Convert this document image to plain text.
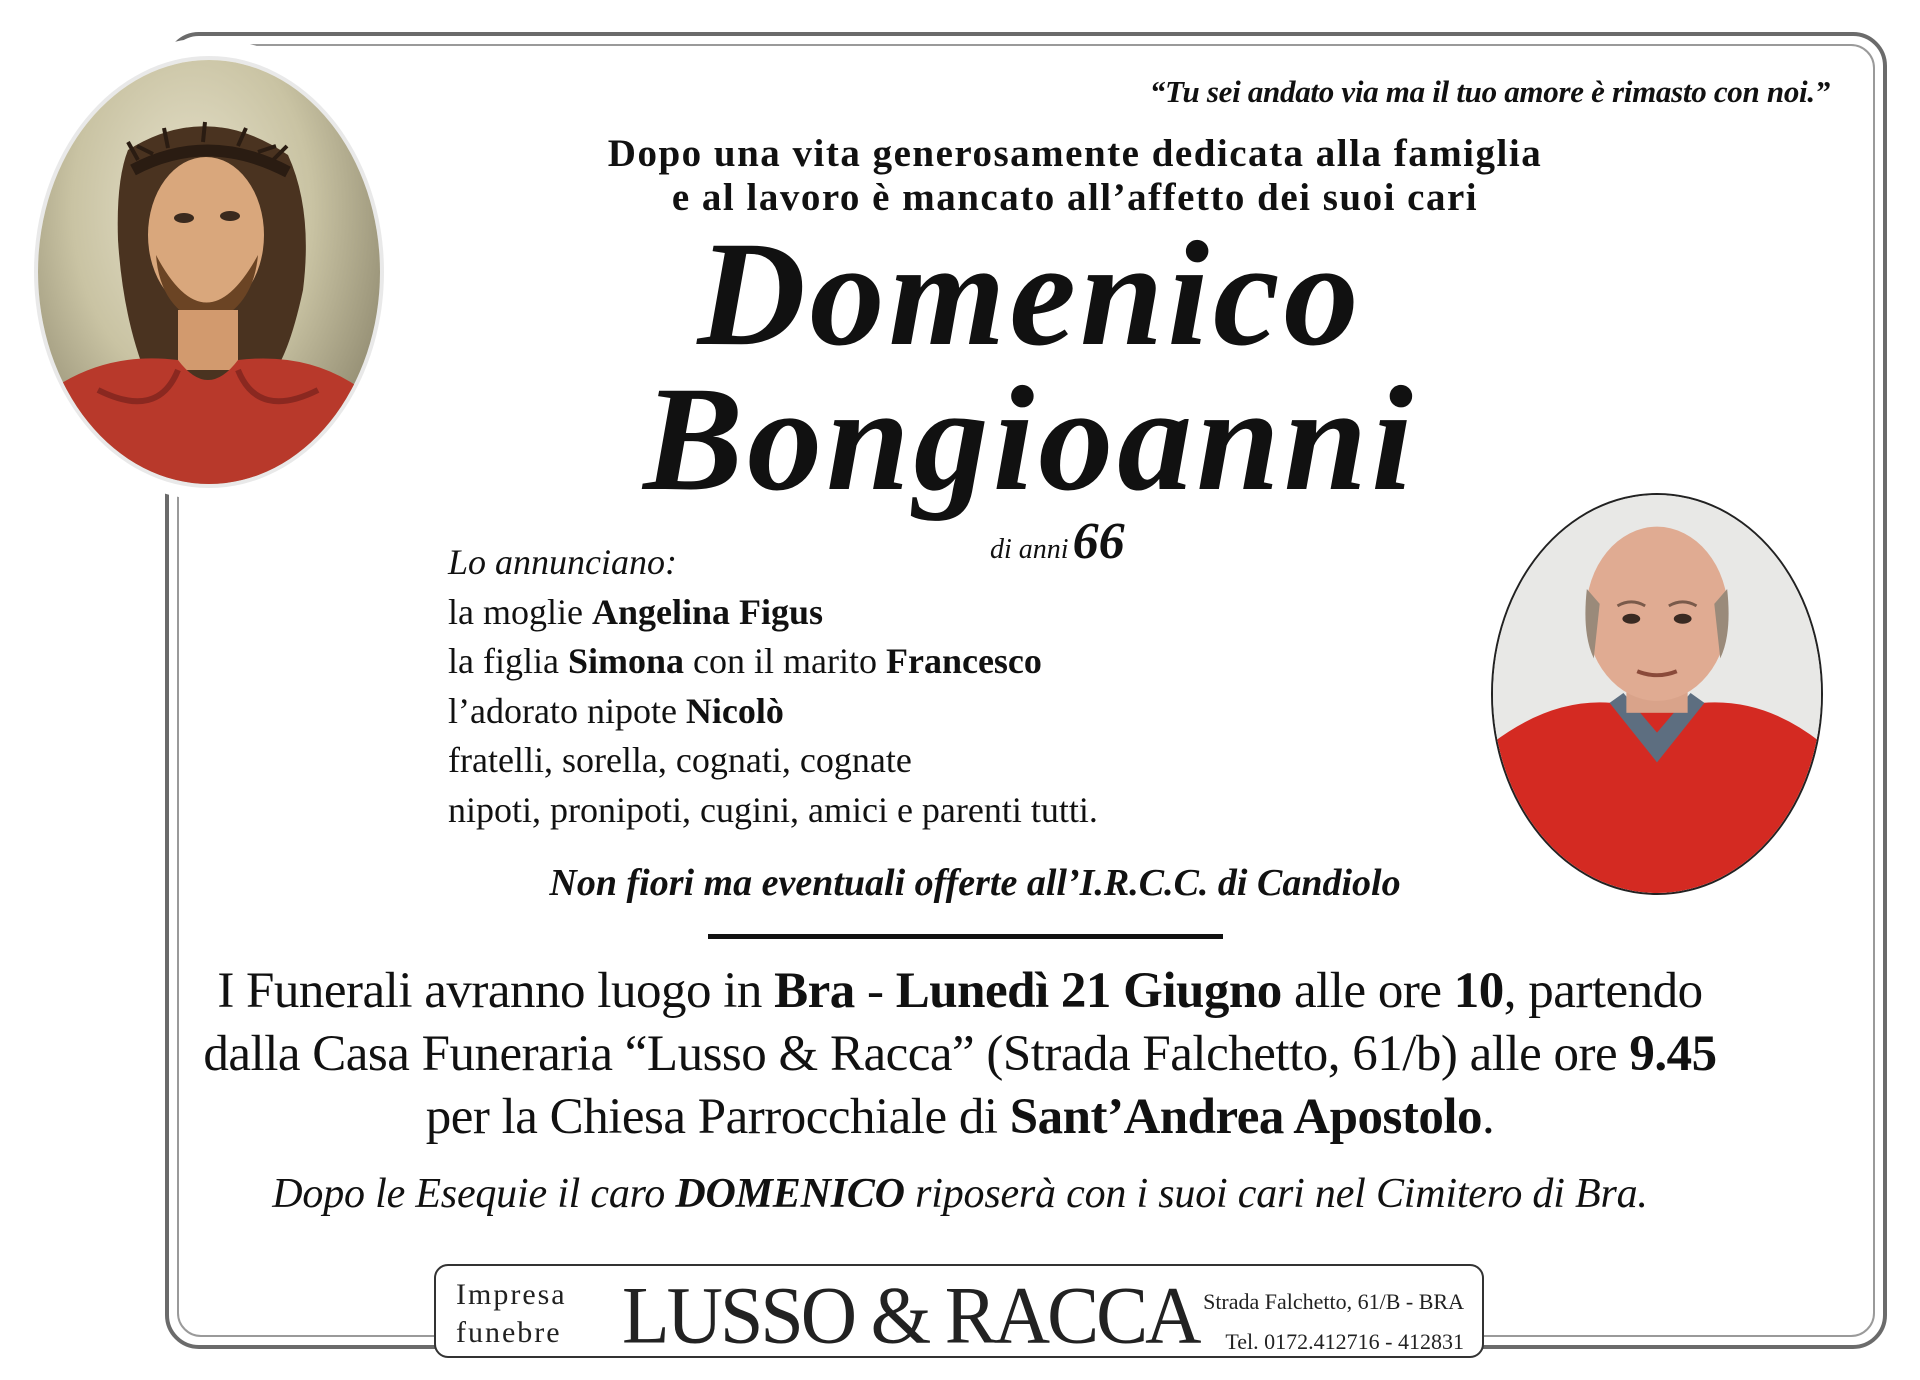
“Tu sei andato via ma il tuo amore è rimasto con noi.”
Dopo una vita generosamente dedicata alla famiglia
e al lavoro è mancato all’affetto dei suoi cari
Domenico
Bongioanni
di anni 66
Lo annunciano:
la moglie Angelina Figus
la figlia Simona con il marito Francesco
l’adorato nipote Nicolò
fratelli, sorella, cognati, cognate
nipoti, pronipoti, cugini, amici e parenti tutti.
Non fiori ma eventuali offerte all’I.R.C.C. di Candiolo
I Funerali avranno luogo in Bra - Lunedì 21 Giugno alle ore 10, partendo
dalla Casa Funeraria “Lusso & Racca” (Strada Falchetto, 61/b) alle ore 9.45
per la Chiesa Parrocchiale di Sant’Andrea Apostolo.
Dopo le Esequie il caro DOMENICO riposerà con i suoi cari nel Cimitero di Bra.
Impresa
funebre LUSSO & RACCA Strada Falchetto, 61/B - BRA
Tel. 0172.412716 - 412831
